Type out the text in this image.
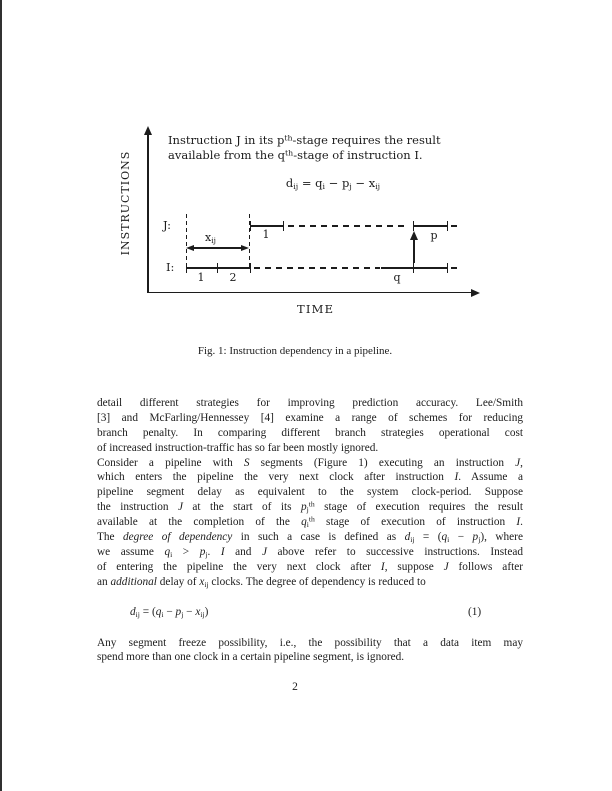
INSTRUCTIONS
TIME
Instruction J in its $p^{th}$-stage requires the result
available from the $q^{th}$-stage of instruction I.
$d_{ij} = q_i - p_j - x_{ij}$
J:
1	p
$x_{ij}$
I:
1	2	q
Fig. 1: Instruction dependency in a pipeline.
detail different strategies for improving prediction accuracy. Lee/Smith
[3] and McFarling/Hennessey [4] examine a range of schemes for reducing
branch penalty. In comparing different branch strategies operational cost
of increased instruction-traffic has so far been mostly ignored.
Consider a pipeline with S segments (Figure 1) executing an instruction J,
which enters the pipeline the very next clock after instruction I. Assume a
pipeline segment delay as equivalent to the system clock-period. Suppose
the instruction J at the start of its $p_j^{th}$ stage of execution requires the result
available at the completion of the $q_i^{th}$ stage of execution of instruction I.
The degree of dependency in such a case is defined as $d_{ij} = (q_i - p_j)$, where
we assume $q_i > p_j$. I and J above refer to successive instructions. Instead
of entering the pipeline the very next clock after I, suppose J follows after
an additional delay of $x_{ij}$ clocks. The degree of dependency is reduced to
$d_{ij} = (q_i - p_j - x_{ij})$	(1)
Any segment freeze possibility, i.e., the possibility that a data item may
spend more than one clock in a certain pipeline segment, is ignored.
2
